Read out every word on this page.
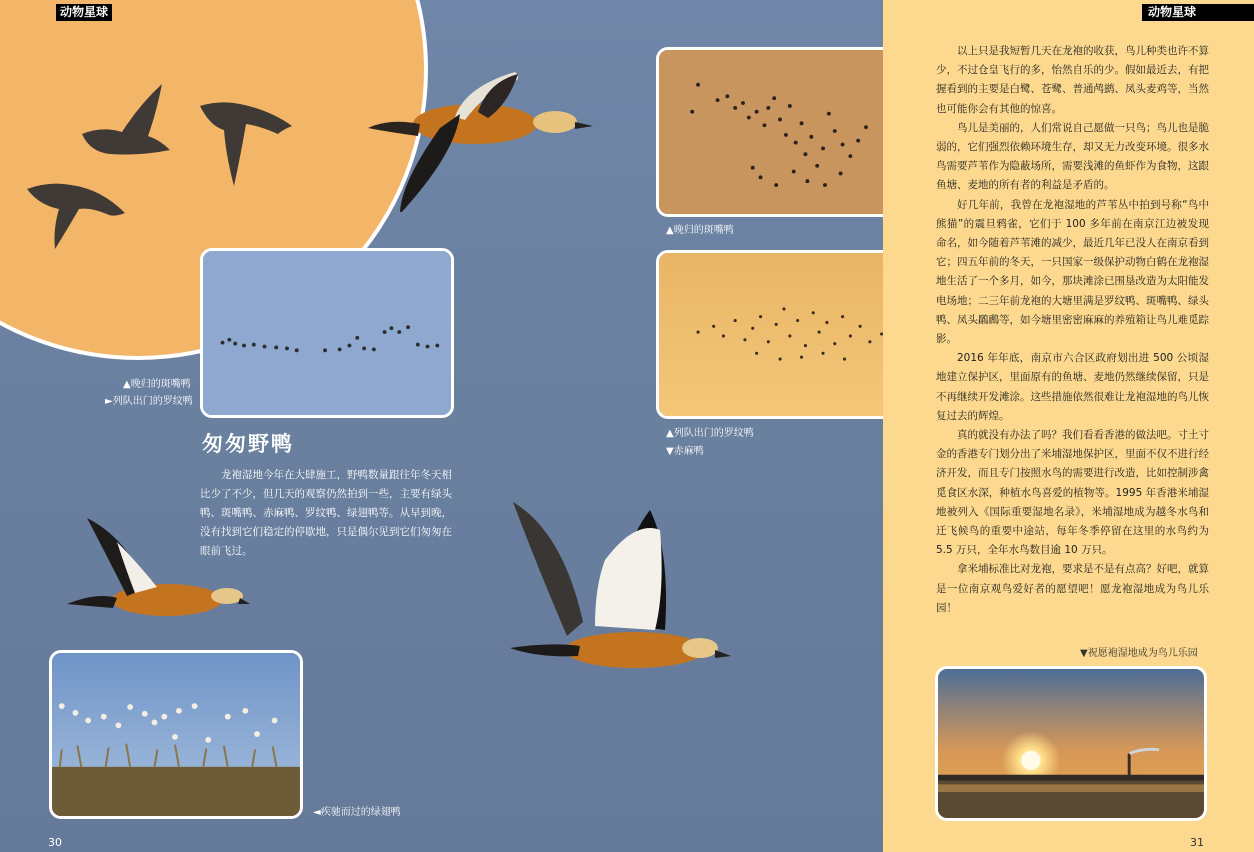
动物星球
▲晚归的斑嘴鸭
►列队出门的罗纹鸭
匆匆野鸭

龙袍湿地今年在大肆施工，野鸭数量跟往年冬天相比少了不少，但几天的观察仍然拍到一些，主要有绿头鸭、斑嘴鸭、赤麻鸭、罗纹鸭、绿翅鸭等。从早到晚，没有找到它们稳定的停歇地，只是偶尔见到它们匆匆在眼前飞过。

◄疾驰而过的绿翅鸭
▲晚归的斑嘴鸭
▲列队出门的罗纹鸭
▼赤麻鸭
30
动物星球

以上只是我短暂几天在龙袍的收获，鸟儿种类也许不算少，不过仓皇飞行的多，怡然自乐的少。假如最近去，有把握看到的主要是白鹭、苍鹭、普通鸬鹚、凤头麦鸡等，当然也可能你会有其他的惊喜。

鸟儿是美丽的，人们常说自己愿做一只鸟；鸟儿也是脆弱的，它们强烈依赖环境生存，却又无力改变环境。很多水鸟需要芦苇作为隐蔽场所，需要浅滩的鱼虾作为食物，这跟鱼塘、麦地的所有者的利益是矛盾的。

好几年前，我曾在龙袍湿地的芦苇丛中拍到号称“鸟中熊猫”的震旦鸦雀，它们于 100 多年前在南京江边被发现命名，如今随着芦苇滩的减少，最近几年已没人在南京看到它；四五年前的冬天，一只国家一级保护动物白鹤在龙袍湿地生活了一个多月，如今，那块滩涂已围垦改造为太阳能发电场地；二三年前龙袍的大塘里满是罗纹鸭、斑嘴鸭、绿头鸭、凤头鸊鷉等，如今塘里密密麻麻的养殖箱让鸟儿难觅踪影。

2016 年年底，南京市六合区政府划出进 500 公顷湿地建立保护区，里面原有的鱼塘、麦地仍然继续保留，只是不再继续开发滩涂。这些措施依然很难让龙袍湿地的鸟儿恢复过去的辉煌。

真的就没有办法了吗？我们看看香港的做法吧。寸土寸金的香港专门划分出了米埔湿地保护区，里面不仅不进行经济开发，而且专门按照水鸟的需要进行改造，比如控制涉禽觅食区水深，种植水鸟喜爱的植物等。1995 年香港米埔湿地被列入《国际重要湿地名录》，米埔湿地成为越冬水鸟和迁飞候鸟的重要中途站，每年冬季停留在这里的水鸟约为 5.5 万只，全年水鸟数目逾 10 万只。

拿米埔标准比对龙袍，要求是不是有点高？好吧，就算是一位南京观鸟爱好者的愿望吧！愿龙袍湿地成为鸟儿乐园！

▼祝愿袍湿地成为鸟儿乐园
31
